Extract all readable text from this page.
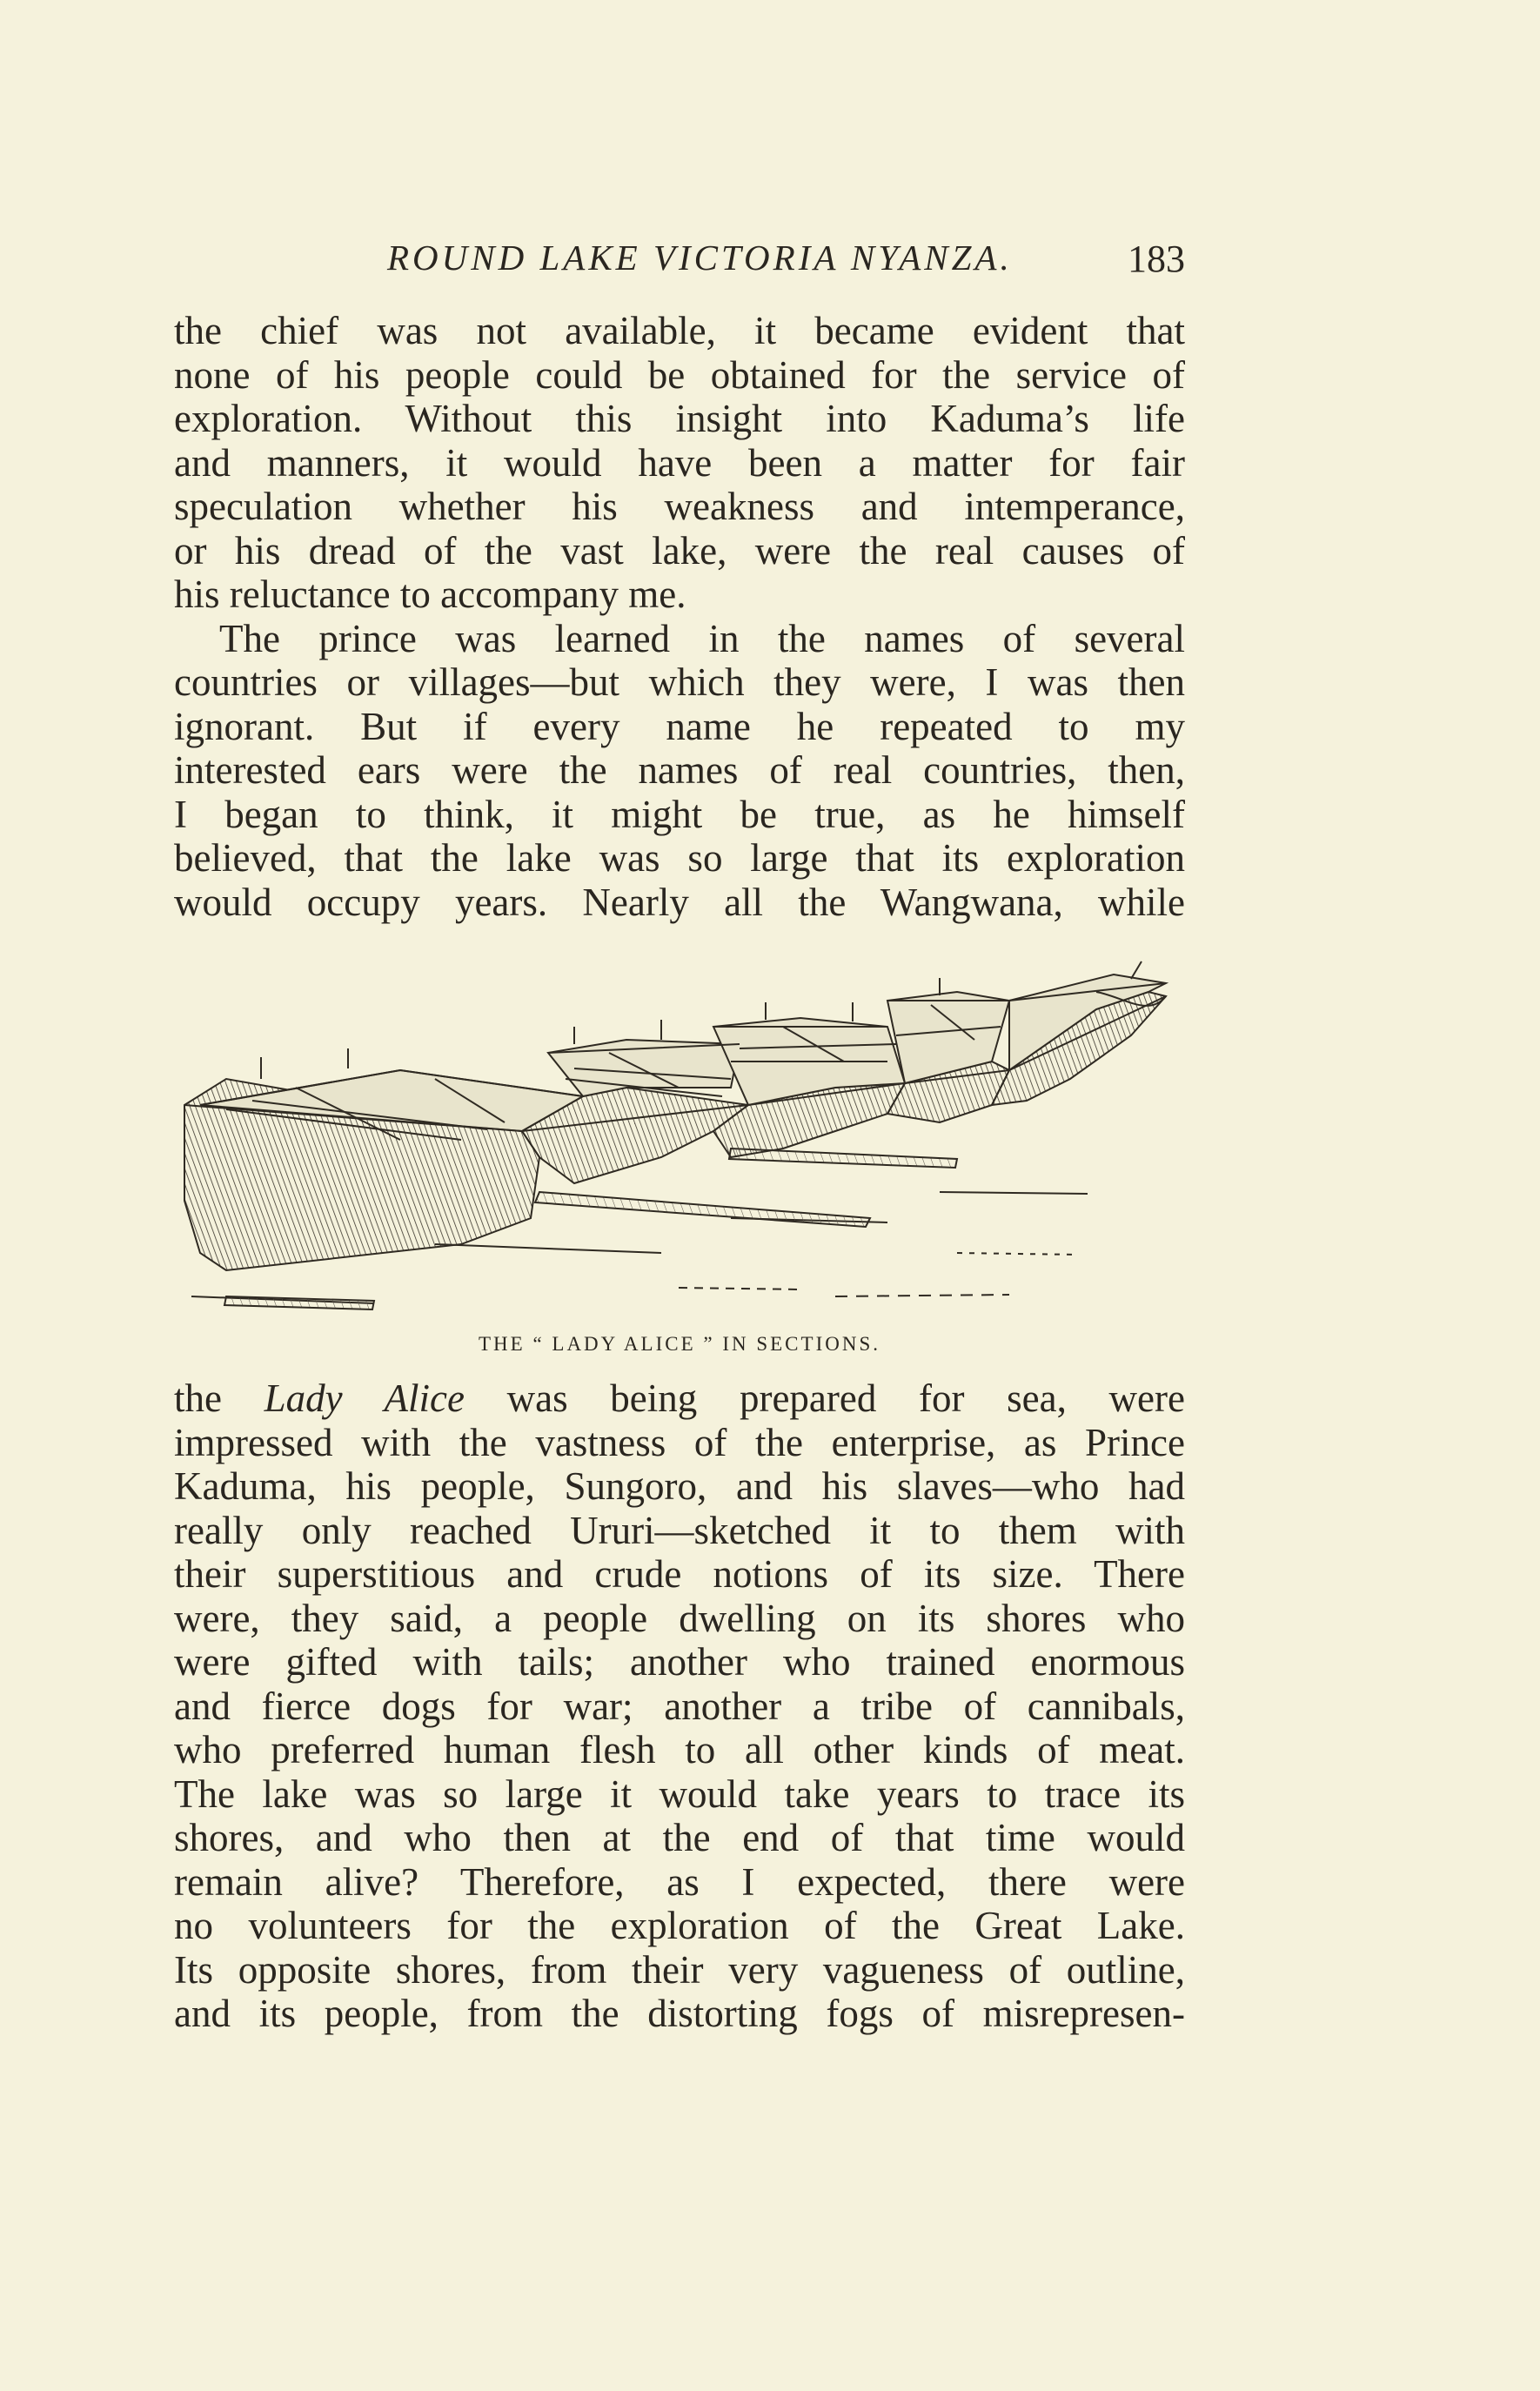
ROUND LAKE VICTORIA NYANZA.	183
the chief was not available, it became evident that
none of his people could be obtained for the service of
exploration. Without this insight into Kaduma’s life
and manners, it would have been a matter for fair
speculation whether his weakness and intemperance,
or his dread of the vast lake, were the real causes of
his reluctance to accompany me.
The prince was learned in the names of several
countries or villages—but which they were, I was then
ignorant. But if every name he repeated to my
interested ears were the names of real countries, then,
I began to think, it might be true, as he himself
believed, that the lake was so large that its exploration
would occupy years. Nearly all the Wangwana, while
THE “ LADY ALICE ” IN SECTIONS.
the Lady Alice was being prepared for sea, were
impressed with the vastness of the enterprise, as Prince
Kaduma, his people, Sungoro, and his slaves—who had
really only reached Ururi—sketched it to them with
their superstitious and crude notions of its size. There
were, they said, a people dwelling on its shores who
were gifted with tails; another who trained enormous
and fierce dogs for war; another a tribe of cannibals,
who preferred human flesh to all other kinds of meat.
The lake was so large it would take years to trace its
shores, and who then at the end of that time would
remain alive? Therefore, as I expected, there were
no volunteers for the exploration of the Great Lake.
Its opposite shores, from their very vagueness of outline,
and its people, from the distorting fogs of misrepresen-
